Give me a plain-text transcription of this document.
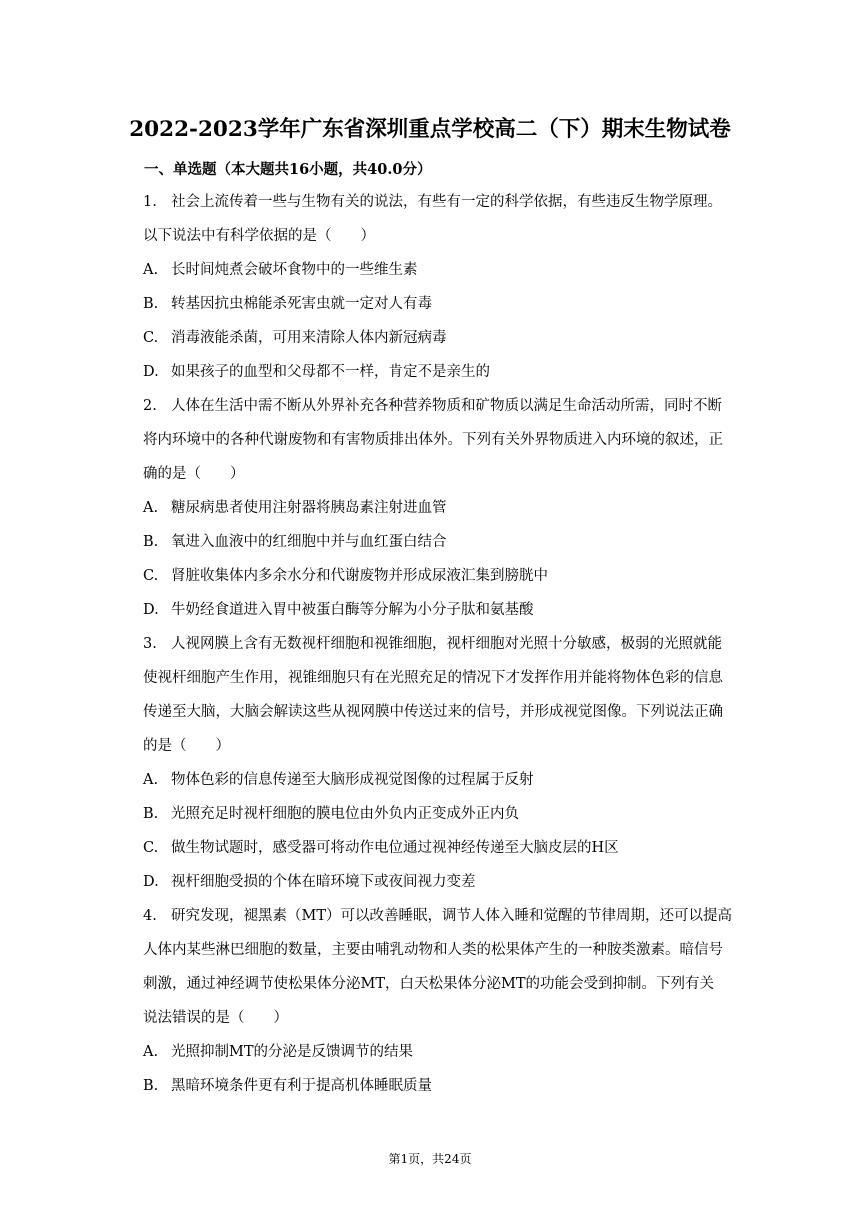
2022-2023学年广东省深圳重点学校高二（下）期末生物试卷
一、单选题（本大题共16小题，共40.0分）
1. 社会上流传着一些与生物有关的说法，有些有一定的科学依据，有些违反生物学原理。
以下说法中有科学依据的是（　　）
A. 长时间炖煮会破坏食物中的一些维生素
B. 转基因抗虫棉能杀死害虫就一定对人有毒
C. 消毒液能杀菌，可用来清除人体内新冠病毒
D. 如果孩子的血型和父母都不一样，肯定不是亲生的
2. 人体在生活中需不断从外界补充各种营养物质和矿物质以满足生命活动所需，同时不断
将内环境中的各种代谢废物和有害物质排出体外。下列有关外界物质进入内环境的叙述，正
确的是（　　）
A. 糖尿病患者使用注射器将胰岛素注射进血管
B. 氧进入血液中的红细胞中并与血红蛋白结合
C. 肾脏收集体内多余水分和代谢废物并形成尿液汇集到膀胱中
D. 牛奶经食道进入胃中被蛋白酶等分解为小分子肽和氨基酸
3. 人视网膜上含有无数视杆细胞和视锥细胞，视杆细胞对光照十分敏感，极弱的光照就能
使视杆细胞产生作用，视锥细胞只有在光照充足的情况下才发挥作用并能将物体色彩的信息
传递至大脑，大脑会解读这些从视网膜中传送过来的信号，并形成视觉图像。下列说法正确
的是（　　）
A. 物体色彩的信息传递至大脑形成视觉图像的过程属于反射
B. 光照充足时视杆细胞的膜电位由外负内正变成外正内负
C. 做生物试题时，感受器可将动作电位通过视神经传递至大脑皮层的H区
D. 视杆细胞受损的个体在暗环境下或夜间视力变差
4. 研究发现，褪黑素（MT）可以改善睡眠，调节人体入睡和觉醒的节律周期，还可以提高
人体内某些淋巴细胞的数量，主要由哺乳动物和人类的松果体产生的一种胺类激素。暗信号
刺激，通过神经调节使松果体分泌MT，白天松果体分泌MT的功能会受到抑制。下列有关
说法错误的是（　　）
A. 光照抑制MT的分泌是反馈调节的结果
B. 黑暗环境条件更有利于提高机体睡眠质量
第1页，共24页
